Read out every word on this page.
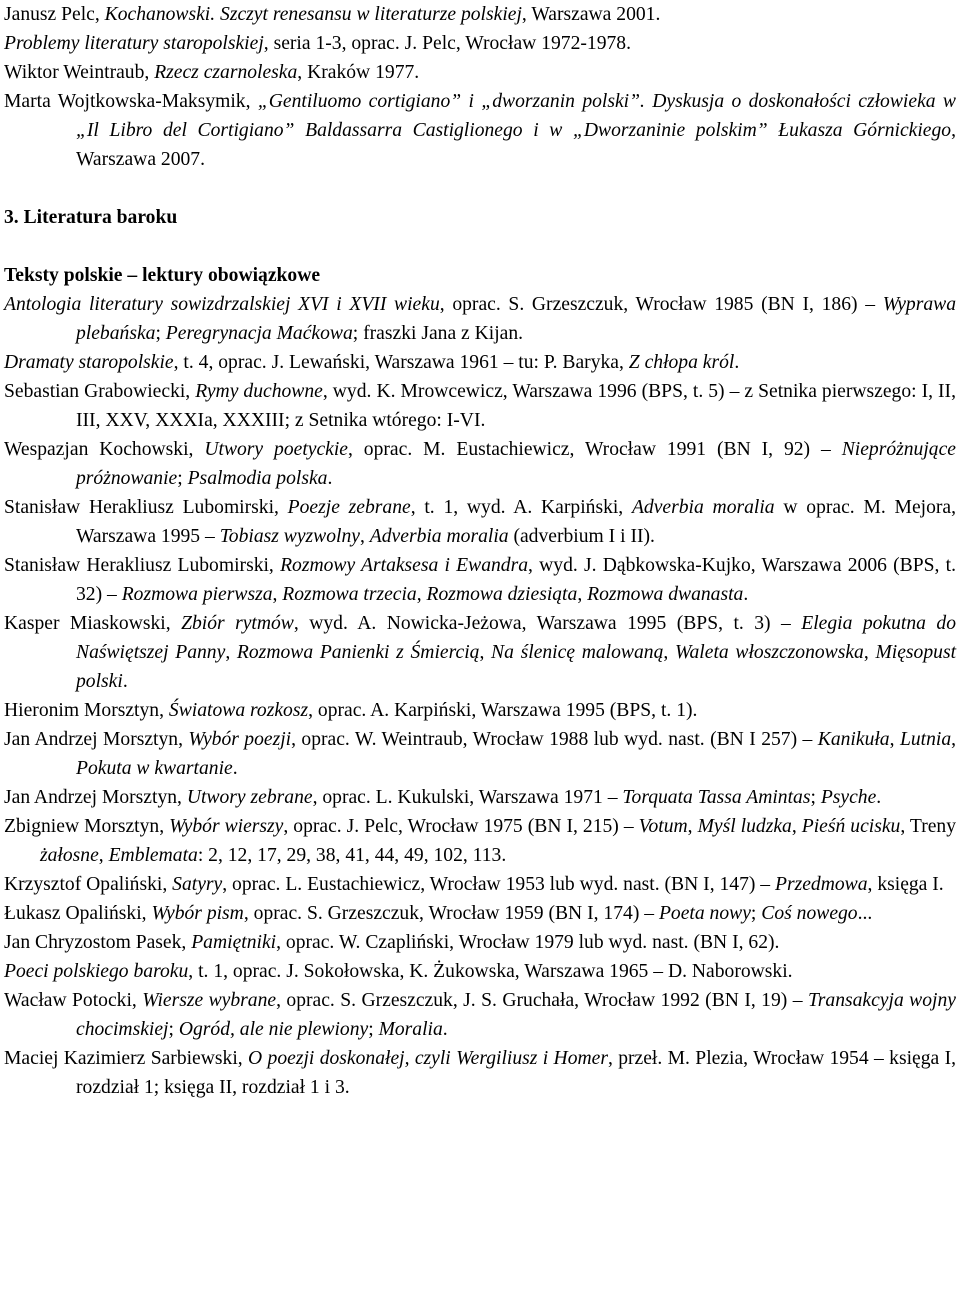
Janusz Pelc, Kochanowski. Szczyt renesansu w literaturze polskiej, Warszawa 2001.

Problemy literatury staropolskiej, seria 1-3, oprac. J. Pelc, Wrocław 1972-1978.

Wiktor Weintraub, Rzecz czarnoleska, Kraków 1977.

Marta Wojtkowska-Maksymik, „Gentiluomo cortigiano” i „dworzanin polski”. Dyskusja o doskonałości człowieka w „Il Libro del Cortigiano” Baldassarra Castiglionego i w „Dworzaninie polskim” Łukasza Górnickiego, Warszawa 2007.

3. Literatura baroku

Teksty polskie – lektury obowiązkowe

Antologia literatury sowizdrzalskiej XVI i XVII wieku, oprac. S. Grzeszczuk, Wrocław 1985 (BN I, 186) – Wyprawa plebańska; Peregrynacja Maćkowa; fraszki Jana z Kijan.

Dramaty staropolskie, t. 4, oprac. J. Lewański, Warszawa 1961 – tu: P. Baryka, Z chłopa król.

Sebastian Grabowiecki, Rymy duchowne, wyd. K. Mrowcewicz, Warszawa 1996 (BPS, t. 5) – z Setnika pierwszego: I, II, III, XXV, XXXIa, XXXIII; z Setnika wtórego: I-VI.

Wespazjan Kochowski, Utwory poetyckie, oprac. M. Eustachiewicz, Wrocław 1991 (BN I, 92) – Niepróżnujące próżnowanie; Psalmodia polska.

Stanisław Herakliusz Lubomirski, Poezje zebrane, t. 1, wyd. A. Karpiński, Adverbia moralia w oprac. M. Mejora, Warszawa 1995 – Tobiasz wyzwolny, Adverbia moralia (adverbium I i II).

Stanisław Herakliusz Lubomirski, Rozmowy Artaksesa i Ewandra, wyd. J. Dąbkowska-Kujko, Warszawa 2006 (BPS, t. 32) – Rozmowa pierwsza, Rozmowa trzecia, Rozmowa dziesiąta, Rozmowa dwanasta.

Kasper Miaskowski, Zbiór rytmów, wyd. A. Nowicka-Jeżowa, Warszawa 1995 (BPS, t. 3) – Elegia pokutna do Naświętszej Panny, Rozmowa Panienki z Śmiercią, Na ślenicę malowaną, Waleta włoszczonowska, Mięsopust polski.

Hieronim Morsztyn, Światowa rozkosz, oprac. A. Karpiński, Warszawa 1995 (BPS, t. 1).

Jan Andrzej Morsztyn, Wybór poezji, oprac. W. Weintraub, Wrocław 1988 lub wyd. nast. (BN I 257) – Kanikuła, Lutnia, Pokuta w kwartanie.

Jan Andrzej Morsztyn, Utwory zebrane, oprac. L. Kukulski, Warszawa 1971 – Torquata Tassa Amintas; Psyche.

Zbigniew Morsztyn, Wybór wierszy, oprac. J. Pelc, Wrocław 1975 (BN I, 215) – Votum, Myśl ludzka, Pieśń ucisku, Treny żałosne, Emblemata: 2, 12, 17, 29, 38, 41, 44, 49, 102, 113.

Krzysztof Opaliński, Satyry, oprac. L. Eustachiewicz, Wrocław 1953 lub wyd. nast. (BN I, 147) – Przedmowa, księga I.

Łukasz Opaliński, Wybór pism, oprac. S. Grzeszczuk, Wrocław 1959 (BN I, 174) – Poeta nowy; Coś nowego...

Jan Chryzostom Pasek, Pamiętniki, oprac. W. Czapliński, Wrocław 1979 lub wyd. nast. (BN I, 62).

Poeci polskiego baroku, t. 1, oprac. J. Sokołowska, K. Żukowska, Warszawa 1965 – D. Naborowski.

Wacław Potocki, Wiersze wybrane, oprac. S. Grzeszczuk, J. S. Gruchała, Wrocław 1992 (BN I, 19) – Transakcyja wojny chocimskiej; Ogród, ale nie plewiony; Moralia.

Maciej Kazimierz Sarbiewski, O poezji doskonałej, czyli Wergiliusz i Homer, przeł. M. Plezia, Wrocław 1954 – księga I, rozdział 1; księga II, rozdział 1 i 3.
